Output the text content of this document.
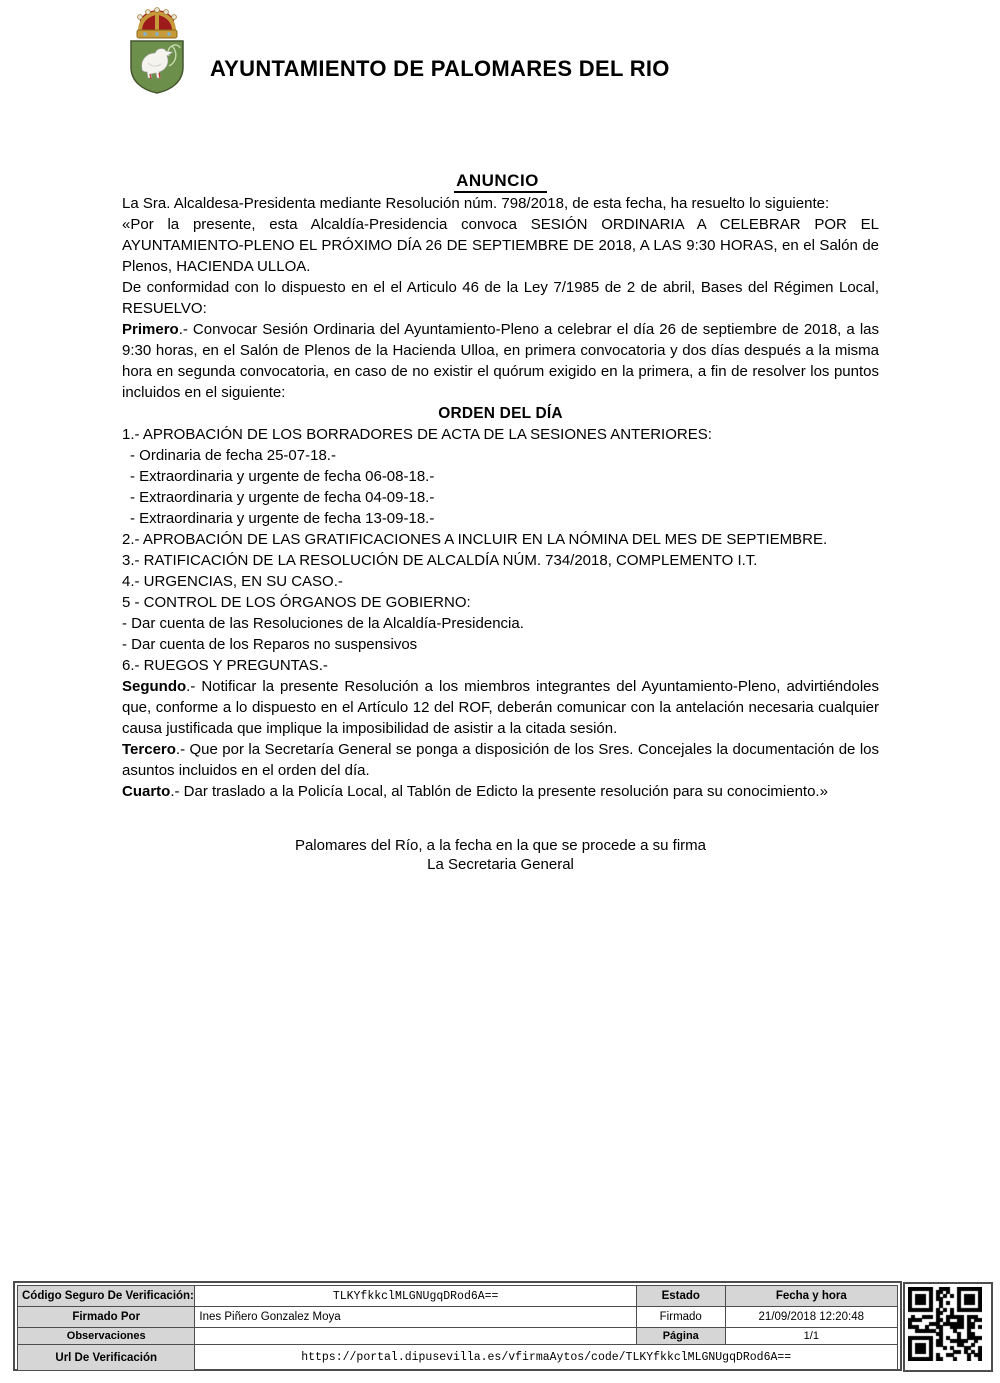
AYUNTAMIENTO DE PALOMARES DEL RIO

ANUNCIO

La Sra. Alcaldesa-Presidenta mediante Resolución núm. 798/2018, de esta fecha, ha resuelto lo siguiente:

«Por la presente, esta Alcaldía-Presidencia convoca SESIÓN ORDINARIA A CELEBRAR POR EL AYUNTAMIENTO-PLENO EL PRÓXIMO DÍA 26 DE SEPTIEMBRE DE 2018, A LAS 9:30 HORAS, en el Salón de Plenos, HACIENDA ULLOA.

De conformidad con lo dispuesto en el el Articulo 46 de la Ley 7/1985 de 2 de abril, Bases del Régimen Local, RESUELVO:

Primero.- Convocar Sesión Ordinaria del Ayuntamiento-Pleno a celebrar el día 26 de septiembre de 2018, a las 9:30 horas, en el Salón de Plenos de la Hacienda Ulloa, en primera convocatoria y dos días después a la misma hora en segunda convocatoria, en caso de no existir el quórum exigido en la primera, a fin de resolver los puntos incluidos en el siguiente:

ORDEN DEL DÍA

1.- APROBACIÓN DE LOS BORRADORES DE ACTA DE LA SESIONES ANTERIORES:

- Ordinaria de fecha 25-07-18.-

- Extraordinaria y urgente de fecha 06-08-18.-

- Extraordinaria y urgente de fecha 04-09-18.-

- Extraordinaria y urgente de fecha 13-09-18.-

2.- APROBACIÓN DE LAS GRATIFICACIONES A INCLUIR EN LA NÓMINA DEL MES DE SEPTIEMBRE.

3.- RATIFICACIÓN DE LA RESOLUCIÓN DE ALCALDÍA NÚM. 734/2018, COMPLEMENTO I.T.

4.- URGENCIAS, EN SU CASO.-

5 - CONTROL DE LOS ÓRGANOS DE GOBIERNO:

- Dar cuenta de las Resoluciones de la Alcaldía-Presidencia.

- Dar cuenta de los Reparos no suspensivos

6.- RUEGOS Y PREGUNTAS.-

Segundo.- Notificar la presente Resolución a los miembros integrantes del Ayuntamiento-Pleno, advirtiéndoles que, conforme a lo dispuesto en el Artículo 12 del ROF, deberán comunicar con la antelación necesaria cualquier causa justificada que implique la imposibilidad de asistir a la citada sesión.

Tercero.- Que por la Secretaría General se ponga a disposición de los Sres. Concejales la documentación de los asuntos incluidos en el orden del día.

Cuarto.- Dar traslado a la Policía Local, al Tablón de Edicto la presente resolución para su conocimiento.»

Palomares del Río, a la fecha en la que se procede a su firma
La Secretaria General
Código Seguro De Verificación:	TLKYfkkclMLGNUgqDRod6A==	Estado	Fecha y hora
Firmado Por	Ines Piñero Gonzalez Moya	Firmado	21/09/2018 12:20:48
Observaciones		Página	1/1
Url De Verificación	https://portal.dipusevilla.es/vfirmaAytos/code/TLKYfkkclMLGNUgqDRod6A==		
